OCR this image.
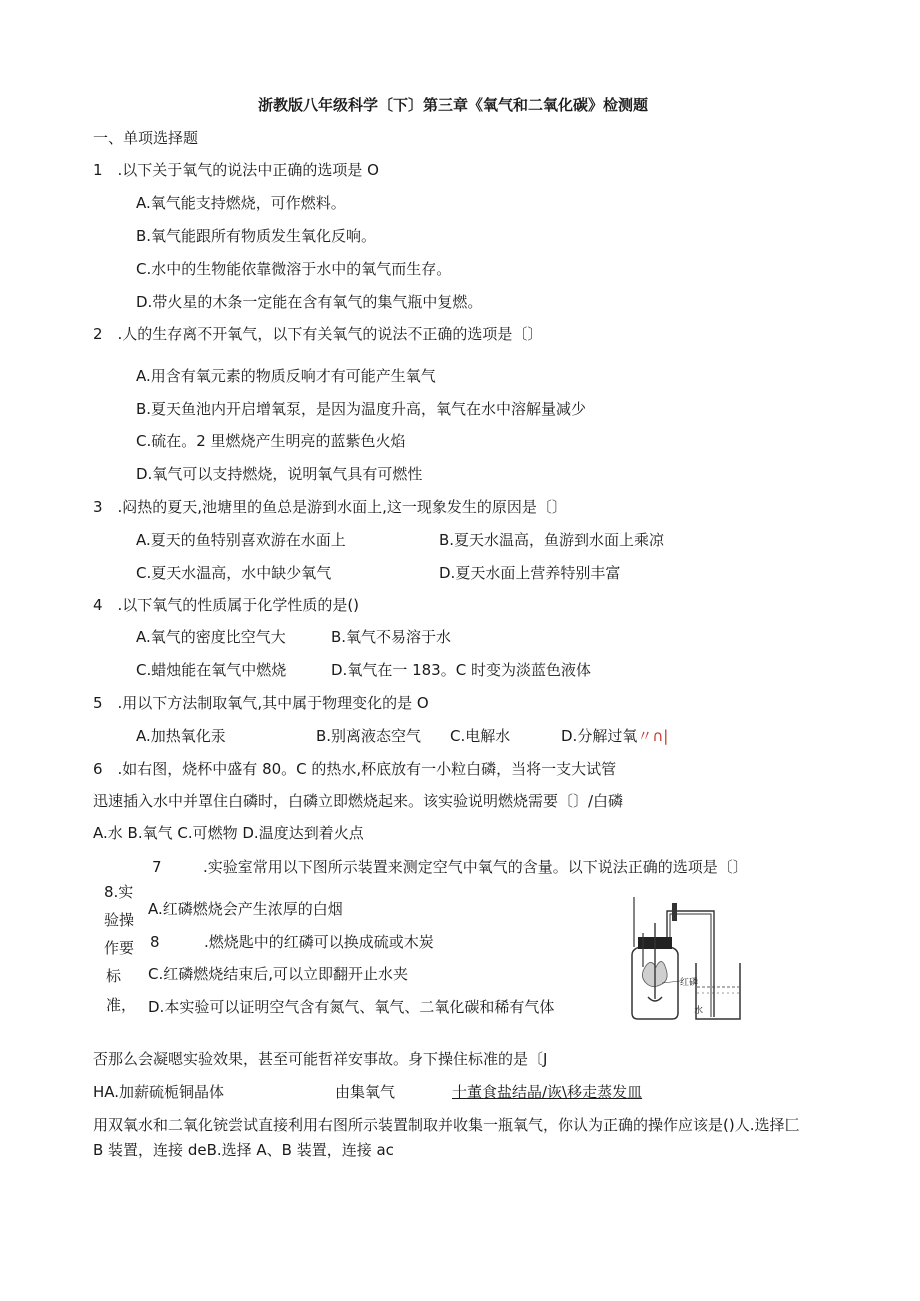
浙教版八年级科学〔下〕第三章《氧气和二氧化碳》检测题
一、单项选择题
1　.以下关于氧气的说法中正确的选项是 O
A.氧气能支持燃烧，可作燃料。
B.氧气能跟所有物质发生氧化反响。
C.水中的生物能依靠微溶于水中的氧气而生存。
D.带火星的木条一定能在含有氧气的集气瓶中复燃。
2　.人的生存离不开氧气，以下有关氧气的说法不正确的选项是〔〕
A.用含有氧元素的物质反响才有可能产生氧气
B.夏天鱼池内开启增氧泵，是因为温度升高，氧气在水中溶解量减少
C.硫在。2 里燃烧产生明亮的蓝紫色火焰
D.氧气可以支持燃烧，说明氧气具有可燃性
3　.闷热的夏天,池塘里的鱼总是游到水面上,这一现象发生的原因是〔〕
A.夏天的鱼特别喜欢游在水面上	B.夏天水温高，鱼游到水面上乘凉
C.夏天水温高，水中缺少氧气	D.夏天水面上营养特别丰富
4　.以下氧气的性质属于化学性质的是()
A.氧气的密度比空气大	B.氧气不易溶于水
C.蜡烛能在氧气中燃烧	D.氧气在一 183。C 时变为淡蓝色液体
5　.用以下方法制取氧气,其中属于物理变化的是 O
A.加热氧化汞	B.别离液态空气 C.电解水	D.分解过氧〃∩|
6　.如右图，烧杯中盛有 80。C 的热水,杯底放有一小粒白磷，当将一支大试管
迅速插入水中并罩住白磷时，白磷立即燃烧起来。该实验说明燃烧需要〔〕/白磷
A.水 B.氧气 C.可燃物 D.温度达到着火点
7	.实验室常用以下图所示装置来测定空气中氧气的含量。以下说法正确的选项是〔〕
A.红磷燃烧会产生浓厚的白烟
8	.燃烧匙中的红磷可以换成硫或木炭
C.红磷燃烧结束后,可以立即翻开止水夹
D.本实验可以证明空气含有氮气、氧气、二氧化碳和稀有气体
8.实
验操
作要
标
准，
红磷
水
否那么会凝嗯实验效果，甚至可能哲祥安事故。身下操住标准的是〔J
HA.加薪硫栀铜晶体	由集氧气	十董食盐结晶/诙\移走蒸发皿
用双氧水和二氧化铳尝试直接利用右图所示装置制取并收集一瓶氧气，你认为正确的操作应该是()人.选择匚
B 装置，连接 deB.选择 A、B 装置，连接 ac
